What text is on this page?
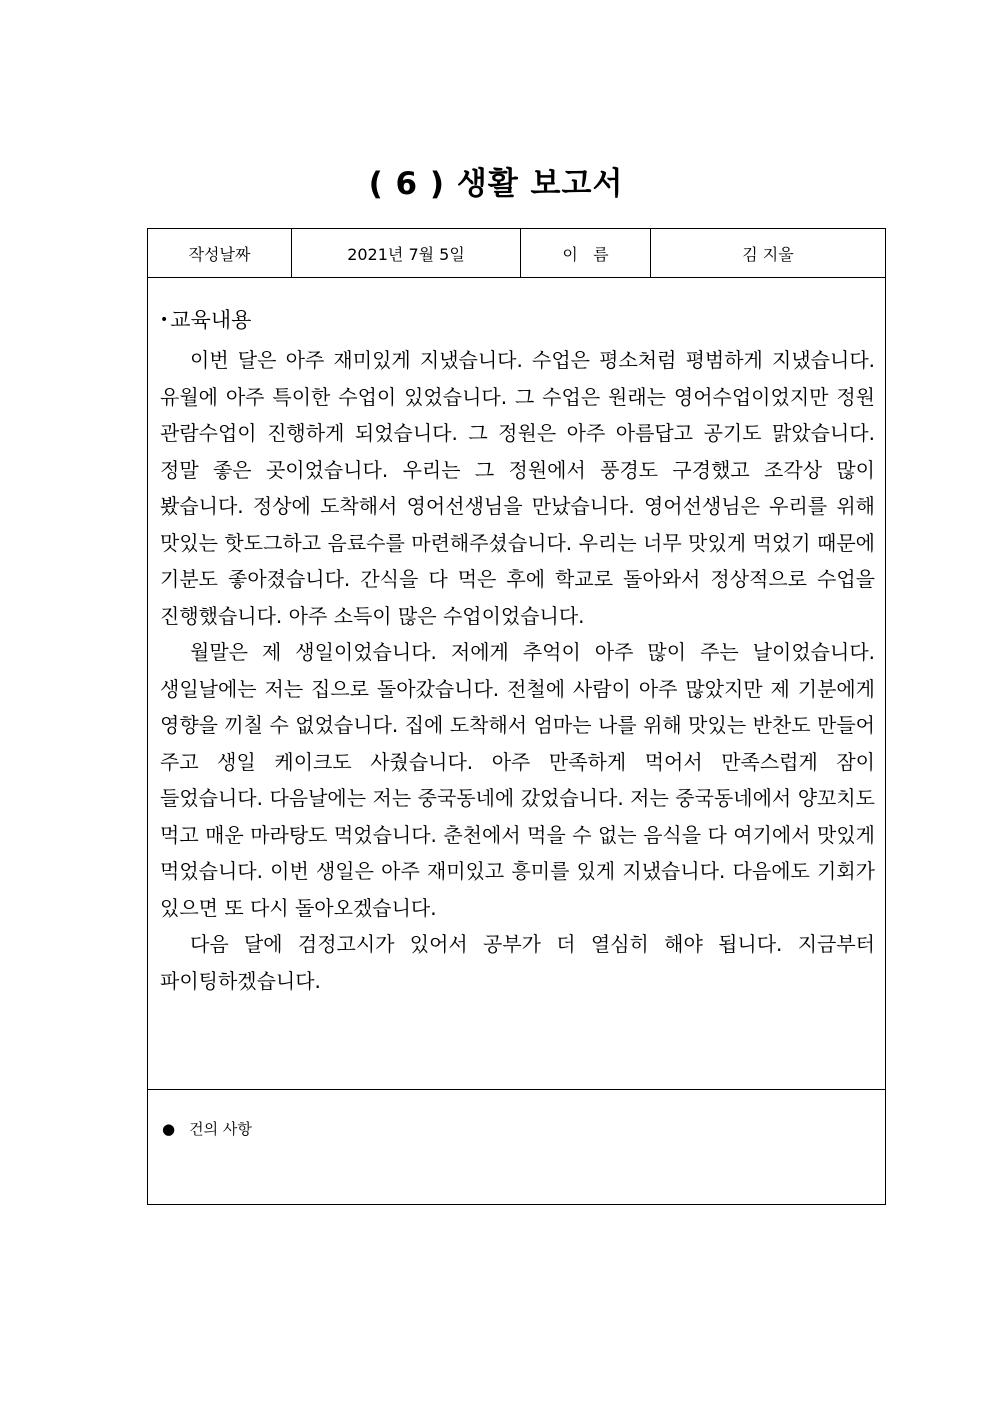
( 6 ) 생활 보고서
작성날짜	2021년 7월 5일	이   름	김 지울

•교육내용

이번 달은 아주 재미있게 지냈습니다. 수업은 평소처럼 평범하게 지냈습니다. 유월에 아주 특이한 수업이 있었습니다. 그 수업은 원래는 영어수업이었지만 정원 관람수업이 진행하게 되었습니다. 그 정원은 아주 아름답고 공기도 맑았습니다. 정말 좋은 곳이었습니다. 우리는 그 정원에서 풍경도 구경했고 조각상 많이 봤습니다. 정상에 도착해서 영어선생님을 만났습니다. 영어선생님은 우리를 위해 맛있는 핫도그하고 음료수를 마련해주셨습니다. 우리는 너무 맛있게 먹었기 때문에 기분도 좋아졌습니다. 간식을 다 먹은 후에 학교로 돌아와서 정상적으로 수업을 진행했습니다. 아주 소득이 많은 수업이었습니다.

월말은 제 생일이었습니다. 저에게 추억이 아주 많이 주는 날이었습니다. 생일날에는 저는 집으로 돌아갔습니다. 전철에 사람이 아주 많았지만 제 기분에게 영향을 끼칠 수 없었습니다. 집에 도착해서 엄마는 나를 위해 맛있는 반찬도 만들어 주고 생일 케이크도 사줬습니다. 아주 만족하게 먹어서 만족스럽게 잠이 들었습니다. 다음날에는 저는 중국동네에 갔었습니다. 저는 중국동네에서 양꼬치도 먹고 매운 마라탕도 먹었습니다. 춘천에서 먹을 수 없는 음식을 다 여기에서 맛있게 먹었습니다. 이번 생일은 아주 재미있고 흥미를 있게 지냈습니다. 다음에도 기회가 있으면 또 다시 돌아오겠습니다.

다음 달에 검정고시가 있어서 공부가 더 열심히 해야 됩니다. 지금부터 파이팅하겠습니다.

● 건의 사항
